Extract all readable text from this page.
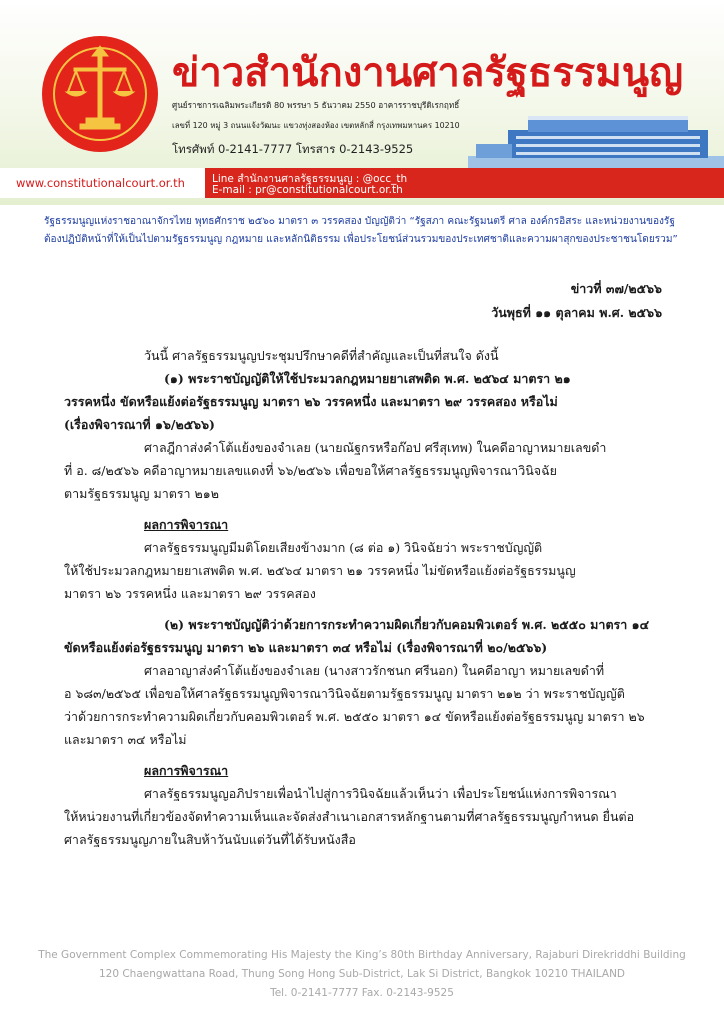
ข่าวสำนักงานศาลรัฐธรรมนูญ
ศูนย์ราชการเฉลิมพระเกียรติ 80 พรรษา 5 ธันวาคม 2550 อาคารราชบุรีดิเรกฤทธิ์
เลขที่ 120 หมู่ 3 ถนนแจ้งวัฒนะ แขวงทุ่งสองห้อง เขตหลักสี่ กรุงเทพมหานคร 10210
โทรศัพท์ 0-2141-7777 โทรสาร 0-2143-9525
www.constitutionalcourt.or.th	Line สำนักงานศาลรัฐธรรมนูญ : @occ_th
E-mail : pr@constitutionalcourt.or.th
รัฐธรรมนูญแห่งราชอาณาจักรไทย พุทธศักราช ๒๕๖๐ มาตรา ๓ วรรคสอง บัญญัติว่า “รัฐสภา คณะรัฐมนตรี ศาล องค์กรอิสระ และหน่วยงานของรัฐ
ต้องปฏิบัติหน้าที่ให้เป็นไปตามรัฐธรรมนูญ กฎหมาย และหลักนิติธรรม เพื่อประโยชน์ส่วนรวมของประเทศชาติและความผาสุกของประชาชนโดยรวม”
ข่าวที่ ๓๗/๒๕๖๖
วันพุธที่ ๑๑ ตุลาคม พ.ศ. ๒๕๖๖
วันนี้ ศาลรัฐธรรมนูญประชุมปรึกษาคดีที่สำคัญและเป็นที่สนใจ ดังนี้
(๑) พระราชบัญญัติให้ใช้ประมวลกฎหมายยาเสพติด พ.ศ. ๒๕๖๔ มาตรา ๒๑
วรรคหนึ่ง ขัดหรือแย้งต่อรัฐธรรมนูญ มาตรา ๒๖ วรรคหนึ่ง และมาตรา ๒๙ วรรคสอง หรือไม่
(เรื่องพิจารณาที่ ๑๖/๒๕๖๖)
ศาลฎีกาส่งคำโต้แย้งของจำเลย (นายณัฐกรหรือก๊อป ศรีสุเทพ) ในคดีอาญาหมายเลขดำ
ที่ อ. ๘/๒๕๖๖ คดีอาญาหมายเลขแดงที่ ๖๖/๒๕๖๖ เพื่อขอให้ศาลรัฐธรรมนูญพิจารณาวินิจฉัย
ตามรัฐธรรมนูญ มาตรา ๒๑๒
ผลการพิจารณา
ศาลรัฐธรรมนูญมีมติโดยเสียงข้างมาก (๘ ต่อ ๑) วินิจฉัยว่า พระราชบัญญัติ
ให้ใช้ประมวลกฎหมายยาเสพติด พ.ศ. ๒๕๖๔ มาตรา ๒๑ วรรคหนึ่ง ไม่ขัดหรือแย้งต่อรัฐธรรมนูญ
มาตรา ๒๖ วรรคหนึ่ง และมาตรา ๒๙ วรรคสอง
(๒) พระราชบัญญัติว่าด้วยการกระทำความผิดเกี่ยวกับคอมพิวเตอร์ พ.ศ. ๒๕๕๐ มาตรา ๑๔
ขัดหรือแย้งต่อรัฐธรรมนูญ มาตรา ๒๖ และมาตรา ๓๔ หรือไม่ (เรื่องพิจารณาที่ ๒๐/๒๕๖๖)
ศาลอาญาส่งคำโต้แย้งของจำเลย (นางสาวรักชนก ศรีนอก) ในคดีอาญา หมายเลขดำที่
อ ๖๘๓/๒๕๖๕ เพื่อขอให้ศาลรัฐธรรมนูญพิจารณาวินิจฉัยตามรัฐธรรมนูญ มาตรา ๒๑๒ ว่า พระราชบัญญัติ
ว่าด้วยการกระทำความผิดเกี่ยวกับคอมพิวเตอร์ พ.ศ. ๒๕๕๐ มาตรา ๑๔ ขัดหรือแย้งต่อรัฐธรรมนูญ มาตรา ๒๖
และมาตรา ๓๔ หรือไม่
ผลการพิจารณา
ศาลรัฐธรรมนูญอภิปรายเพื่อนำไปสู่การวินิจฉัยแล้วเห็นว่า เพื่อประโยชน์แห่งการพิจารณา
ให้หน่วยงานที่เกี่ยวข้องจัดทำความเห็นและจัดส่งสำเนาเอกสารหลักฐานตามที่ศาลรัฐธรรมนูญกำหนด ยื่นต่อ
ศาลรัฐธรรมนูญภายในสิบห้าวันนับแต่วันที่ได้รับหนังสือ
The Government Complex Commemorating His Majesty the King’s 80th Birthday Anniversary, Rajaburi Direkriddhi Building
120 Chaengwattana Road, Thung Song Hong Sub-District, Lak Si District, Bangkok 10210 THAILAND
Tel. 0-2141-7777 Fax. 0-2143-9525
